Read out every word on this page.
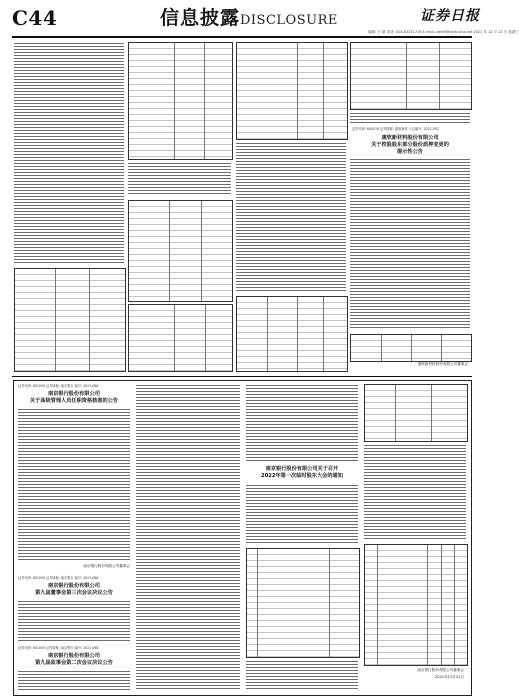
C44	信息披露 DISCLOSURE	证券日报
编辑: 王 婧 电话: 010-83251716 E-mail: zqrb9@zqrb.sina.net 2021 年 12 月 22 日 星期三
证券代码: 600076 证券简称: 康欣新材 公告编号: 2021-052
康欣新材料股份有限公司
关于控股股东部分股份质押变更的
提示性公告
康欣新材料股份有限公司董事会
证券代码: 601009 证券简称: 南京银行 编号: 2021-066
南京银行股份有限公司
关于高级管理人员任职资格核准的公告
南京银行股份有限公司董事会
证券代码: 601009 证券简称: 南京银行 编号: 2021-066
南京银行股份有限公司
第九届董事会第三次会议决议公告
证券代码: 601009 证券简称: 南京银行 编号: 2021-066
南京银行股份有限公司
第九届监事会第二次会议决议公告
南京银行股份有限公司关于召开
2022年第一次临时股东大会的通知
南京银行股份有限公司董事会
2021年12月22日
